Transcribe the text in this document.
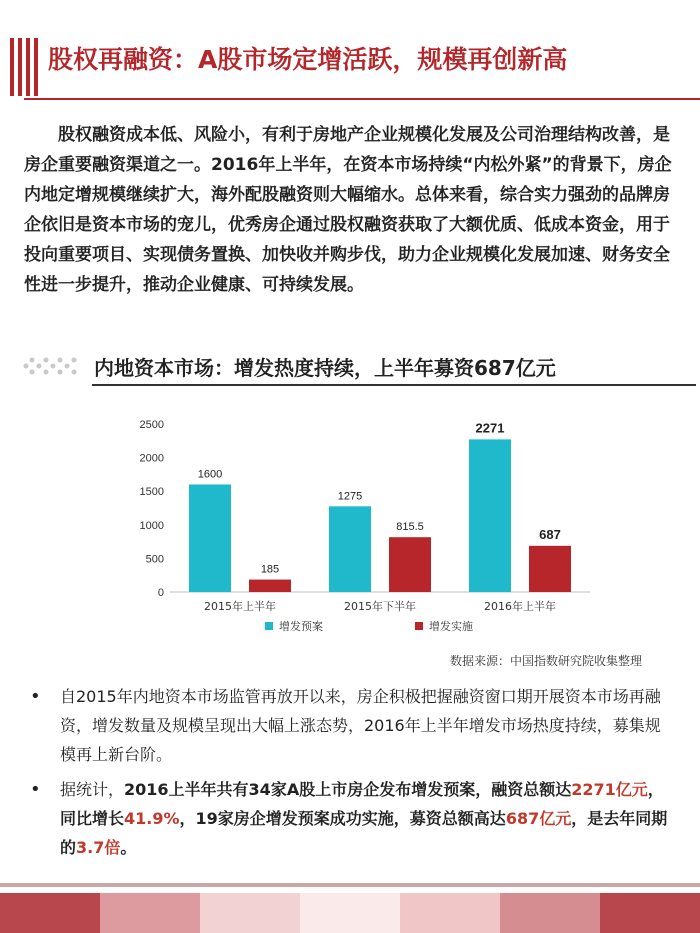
股权再融资：A股市场定增活跃，规模再创新高
股权融资成本低、风险小，有利于房地产企业规模化发展及公司治理结构改善，是房企重要融资渠道之一。2016年上半年，在资本市场持续“内松外紧”的背景下，房企内地定增规模继续扩大，海外配股融资则大幅缩水。总体来看，综合实力强劲的品牌房企依旧是资本市场的宠儿，优秀房企通过股权融资获取了大额优质、低成本资金，用于投向重要项目、实现债务置换、加快收并购步伐，助力企业规模化发展加速、财务安全性进一步提升，推动企业健康、可持续发展。
内地资本市场：增发热度持续，上半年募资687亿元
0
500
1000
1500
2000
2500
1600
185
2015年上半年
1275
815.5
2015年下半年
2271
687
2016年上半年
增发预案	增发实施
数据来源：中国指数研究院收集整理
• 自2015年内地资本市场监管再放开以来，房企积极把握融资窗口期开展资本市场再融资，增发数量及规模呈现出大幅上涨态势，2016年上半年增发市场热度持续，募集规模再上新台阶。
• 据统计，2016上半年共有34家A股上市房企发布增发预案，融资总额达2271亿元，同比增长41.9%，19家房企增发预案成功实施，募资总额高达687亿元，是去年同期的3.7倍。
